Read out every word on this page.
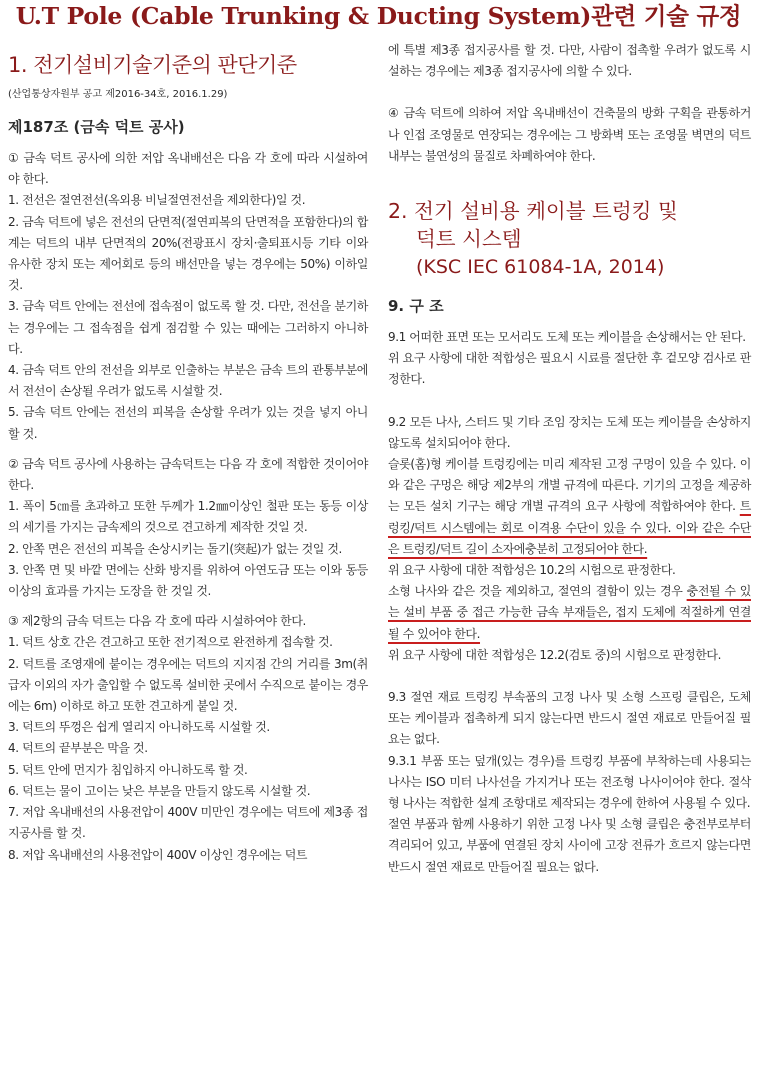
U.T Pole (Cable Trunking & Ducting System)관련 기술 규정
1. 전기설비기술기준의 판단기준
(산업통상자원부 공고 제2016-34호, 2016.1.29)
제187조 (금속 덕트 공사)

① 금속 덕트 공사에 의한 저압 옥내배선은 다음 각 호에 따라 시설하여야 한다.

1. 전선은 절연전선(옥외용 비닐절연전선을 제외한다)일 것.

2. 금속 덕트에 넣은 전선의 단면적(절연피복의 단면적을 포함한다)의 합계는 덕트의 내부 단면적의 20%(전광표시 장치·출퇴표시등 기타 이와 유사한 장치 또는 제어회로 등의 배선만을 넣는 경우에는 50%) 이하일 것.

3. 금속 덕트 안에는 전선에 접속점이 없도록 할 것. 다만, 전선을 분기하는 경우에는 그 접속점을 쉽게 점검할 수 있는 때에는 그러하지 아니하다.

4. 금속 덕트 안의 전선을 외부로 인출하는 부분은 금속 트의 관통부분에서 전선이 손상될 우려가 없도록 시설할 것.

5. 금속 덕트 안에는 전선의 피복을 손상할 우려가 있는 것을 넣지 아니할 것.

② 금속 덕트 공사에 사용하는 금속덕트는 다음 각 호에 적합한 것이어야 한다.

1. 폭이 5㎝를 초과하고 또한 두께가 1.2㎜이상인 철판 또는 동등 이상의 세기를 가지는 금속제의 것으로 견고하게 제작한 것일 것.

2. 안쪽 면은 전선의 피복을 손상시키는 돌기(突起)가 없는 것일 것.

3. 안쪽 면 및 바깥 면에는 산화 방지를 위하여 아연도금 또는 이와 동등 이상의 효과를 가지는 도장을 한 것일 것.

③ 제2항의 금속 덕트는 다음 각 호에 따라 시설하여야 한다.

1. 덕트 상호 간은 견고하고 또한 전기적으로 완전하게 접속할 것.

2. 덕트를 조영재에 붙이는 경우에는 덕트의 지지점 간의 거리를 3m(취급자 이외의 자가 출입할 수 없도록 설비한 곳에서 수직으로 붙이는 경우에는 6m) 이하로 하고 또한 견고하게 붙일 것.

3. 덕트의 뚜껑은 쉽게 열리지 아니하도록 시설할 것.

4. 덕트의 끝부분은 막을 것.

5. 덕트 안에 먼지가 침입하지 아니하도록 할 것.

6. 덕트는 물이 고이는 낮은 부분을 만들지 않도록 시설할 것.

7. 저압 옥내배선의 사용전압이 400V 미만인 경우에는 덕트에 제3종 접지공사를 할 것.

8. 저압 옥내배선의 사용전압이 400V 이상인 경우에는 덕트

에 특별 제3종 접지공사를 할 것. 다만, 사람이 접촉할 우려가 없도록 시설하는 경우에는 제3종 접지공사에 의할 수 있다.

④ 금속 덕트에 의하여 저압 옥내배선이 건축물의 방화 구획을 관통하거나 인접 조영물로 연장되는 경우에는 그 방화벽 또는 조영물 벽면의 덕트 내부는 불연성의 물질로 차폐하여야 한다.

2. 전기 설비용 케이블 트렁킹 및
덕트 시스템
(KSC IEC 61084-1A, 2014)
9. 구 조

9.1 어떠한 표면 또는 모서리도 도체 또는 케이블을 손상해서는 안 된다.

위 요구 사항에 대한 적합성은 필요시 시료를 절단한 후 겉모양 검사로 판정한다.

9.2 모든 나사, 스터드 및 기타 조임 장치는 도체 또는 케이블을 손상하지 않도록 설치되어야 한다.

슬롯(홈)형 케이블 트렁킹에는 미리 제작된 고정 구멍이 있을 수 있다. 이와 같은 구멍은 해당 제2부의 개별 규격에 따른다. 기기의 고정을 제공하는 모든 설치 기구는 해당 개별 규격의 요구 사항에 적합하여야 한다. 트렁킹/덕트 시스템에는 회로 이격용 수단이 있을 수 있다. 이와 같은 수단은 트렁킹/덕트 길이 소자에충분히 고정되어야 한다.

위 요구 사항에 대한 적합성은 10.2의 시험으로 판정한다.

소형 나사와 같은 것을 제외하고, 절연의 결함이 있는 경우 충전될 수 있는 설비 부품 중 접근 가능한 금속 부재들은, 접지 도체에 적절하게 연결될 수 있어야 한다.

위 요구 사항에 대한 적합성은 12.2(검토 중)의 시험으로 판정한다.

9.3 절연 재료 트렁킹 부속품의 고정 나사 및 소형 스프링 클립은, 도체 또는 케이블과 접촉하게 되지 않는다면 반드시 절연 재료로 만들어질 필요는 없다.

9.3.1 부품 또는 덮개(있는 경우)를 트렁킹 부품에 부착하는데 사용되는 나사는 ISO 미터 나사선을 가지거나 또는 전조형 나사이어야 한다. 절삭형 나사는 적합한 설계 조항대로 제작되는 경우에 한하여 사용될 수 있다.

절연 부품과 함께 사용하기 위한 고정 나사 및 소형 클립은 충전부로부터 격리되어 있고, 부품에 연결된 장치 사이에 고장 전류가 흐르지 않는다면 반드시 절연 재료로 만들어질 필요는 없다.
